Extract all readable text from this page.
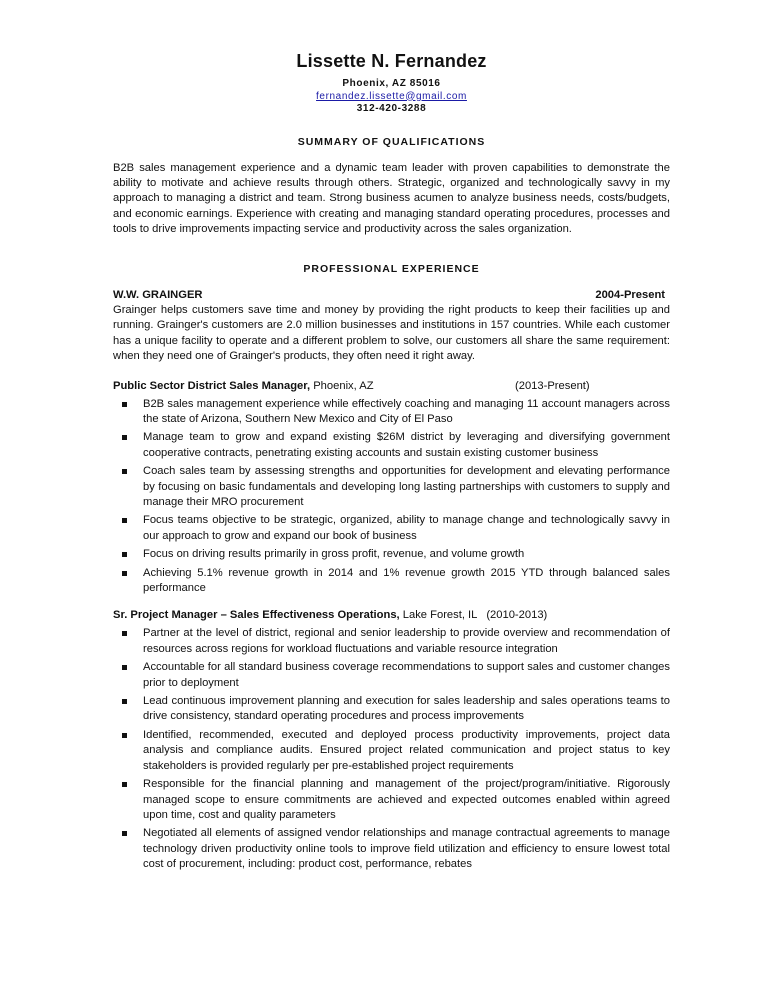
Lissette N. Fernandez
Phoenix, AZ 85016
fernandez.lissette@gmail.com
312-420-3288
SUMMARY OF QUALIFICATIONS

B2B sales management experience and a dynamic team leader with proven capabilities to demonstrate the ability to motivate and achieve results through others. Strategic, organized and technologically savvy in my approach to managing a district and team. Strong business acumen to analyze business needs, costs/budgets, and economic earnings. Experience with creating and managing standard operating procedures, processes and tools to drive improvements impacting service and productivity across the sales organization.

PROFESSIONAL EXPERIENCE
W.W. GRAINGER	2004-Present

Grainger helps customers save time and money by providing the right products to keep their facilities up and running. Grainger's customers are 2.0 million businesses and institutions in 157 countries. While each customer has a unique facility to operate and a different problem to solve, our customers all share the same requirement: when they need one of Grainger's products, they often need it right away.

Public Sector District Sales Manager, Phoenix, AZ	(2013-Present)
B2B sales management experience while effectively coaching and managing 11 account managers across the state of Arizona, Southern New Mexico and City of El Paso
Manage team to grow and expand existing $26M district by leveraging and diversifying government cooperative contracts, penetrating existing accounts and sustain existing customer business
Coach sales team by assessing strengths and opportunities for development and elevating performance by focusing on basic fundamentals and developing long lasting partnerships with customers to supply and manage their MRO procurement
Focus teams objective to be strategic, organized, ability to manage change and technologically savvy in our approach to grow and expand our book of business
Focus on driving results primarily in gross profit, revenue, and volume growth
Achieving 5.1% revenue growth in 2014 and 1% revenue growth 2015 YTD through balanced sales performance
Sr. Project Manager – Sales Effectiveness Operations, Lake Forest, IL (2010-2013)
Partner at the level of district, regional and senior leadership to provide overview and recommendation of resources across regions for workload fluctuations and variable resource integration
Accountable for all standard business coverage recommendations to support sales and customer changes prior to deployment
Lead continuous improvement planning and execution for sales leadership and sales operations teams to drive consistency, standard operating procedures and process improvements
Identified, recommended, executed and deployed process productivity improvements, project data analysis and compliance audits. Ensured project related communication and project status to key stakeholders is provided regularly per pre-established project requirements
Responsible for the financial planning and management of the project/program/initiative. Rigorously managed scope to ensure commitments are achieved and expected outcomes enabled within agreed upon time, cost and quality parameters
Negotiated all elements of assigned vendor relationships and manage contractual agreements to manage technology driven productivity online tools to improve field utilization and efficiency to ensure lowest total cost of procurement, including: product cost, performance, rebates
